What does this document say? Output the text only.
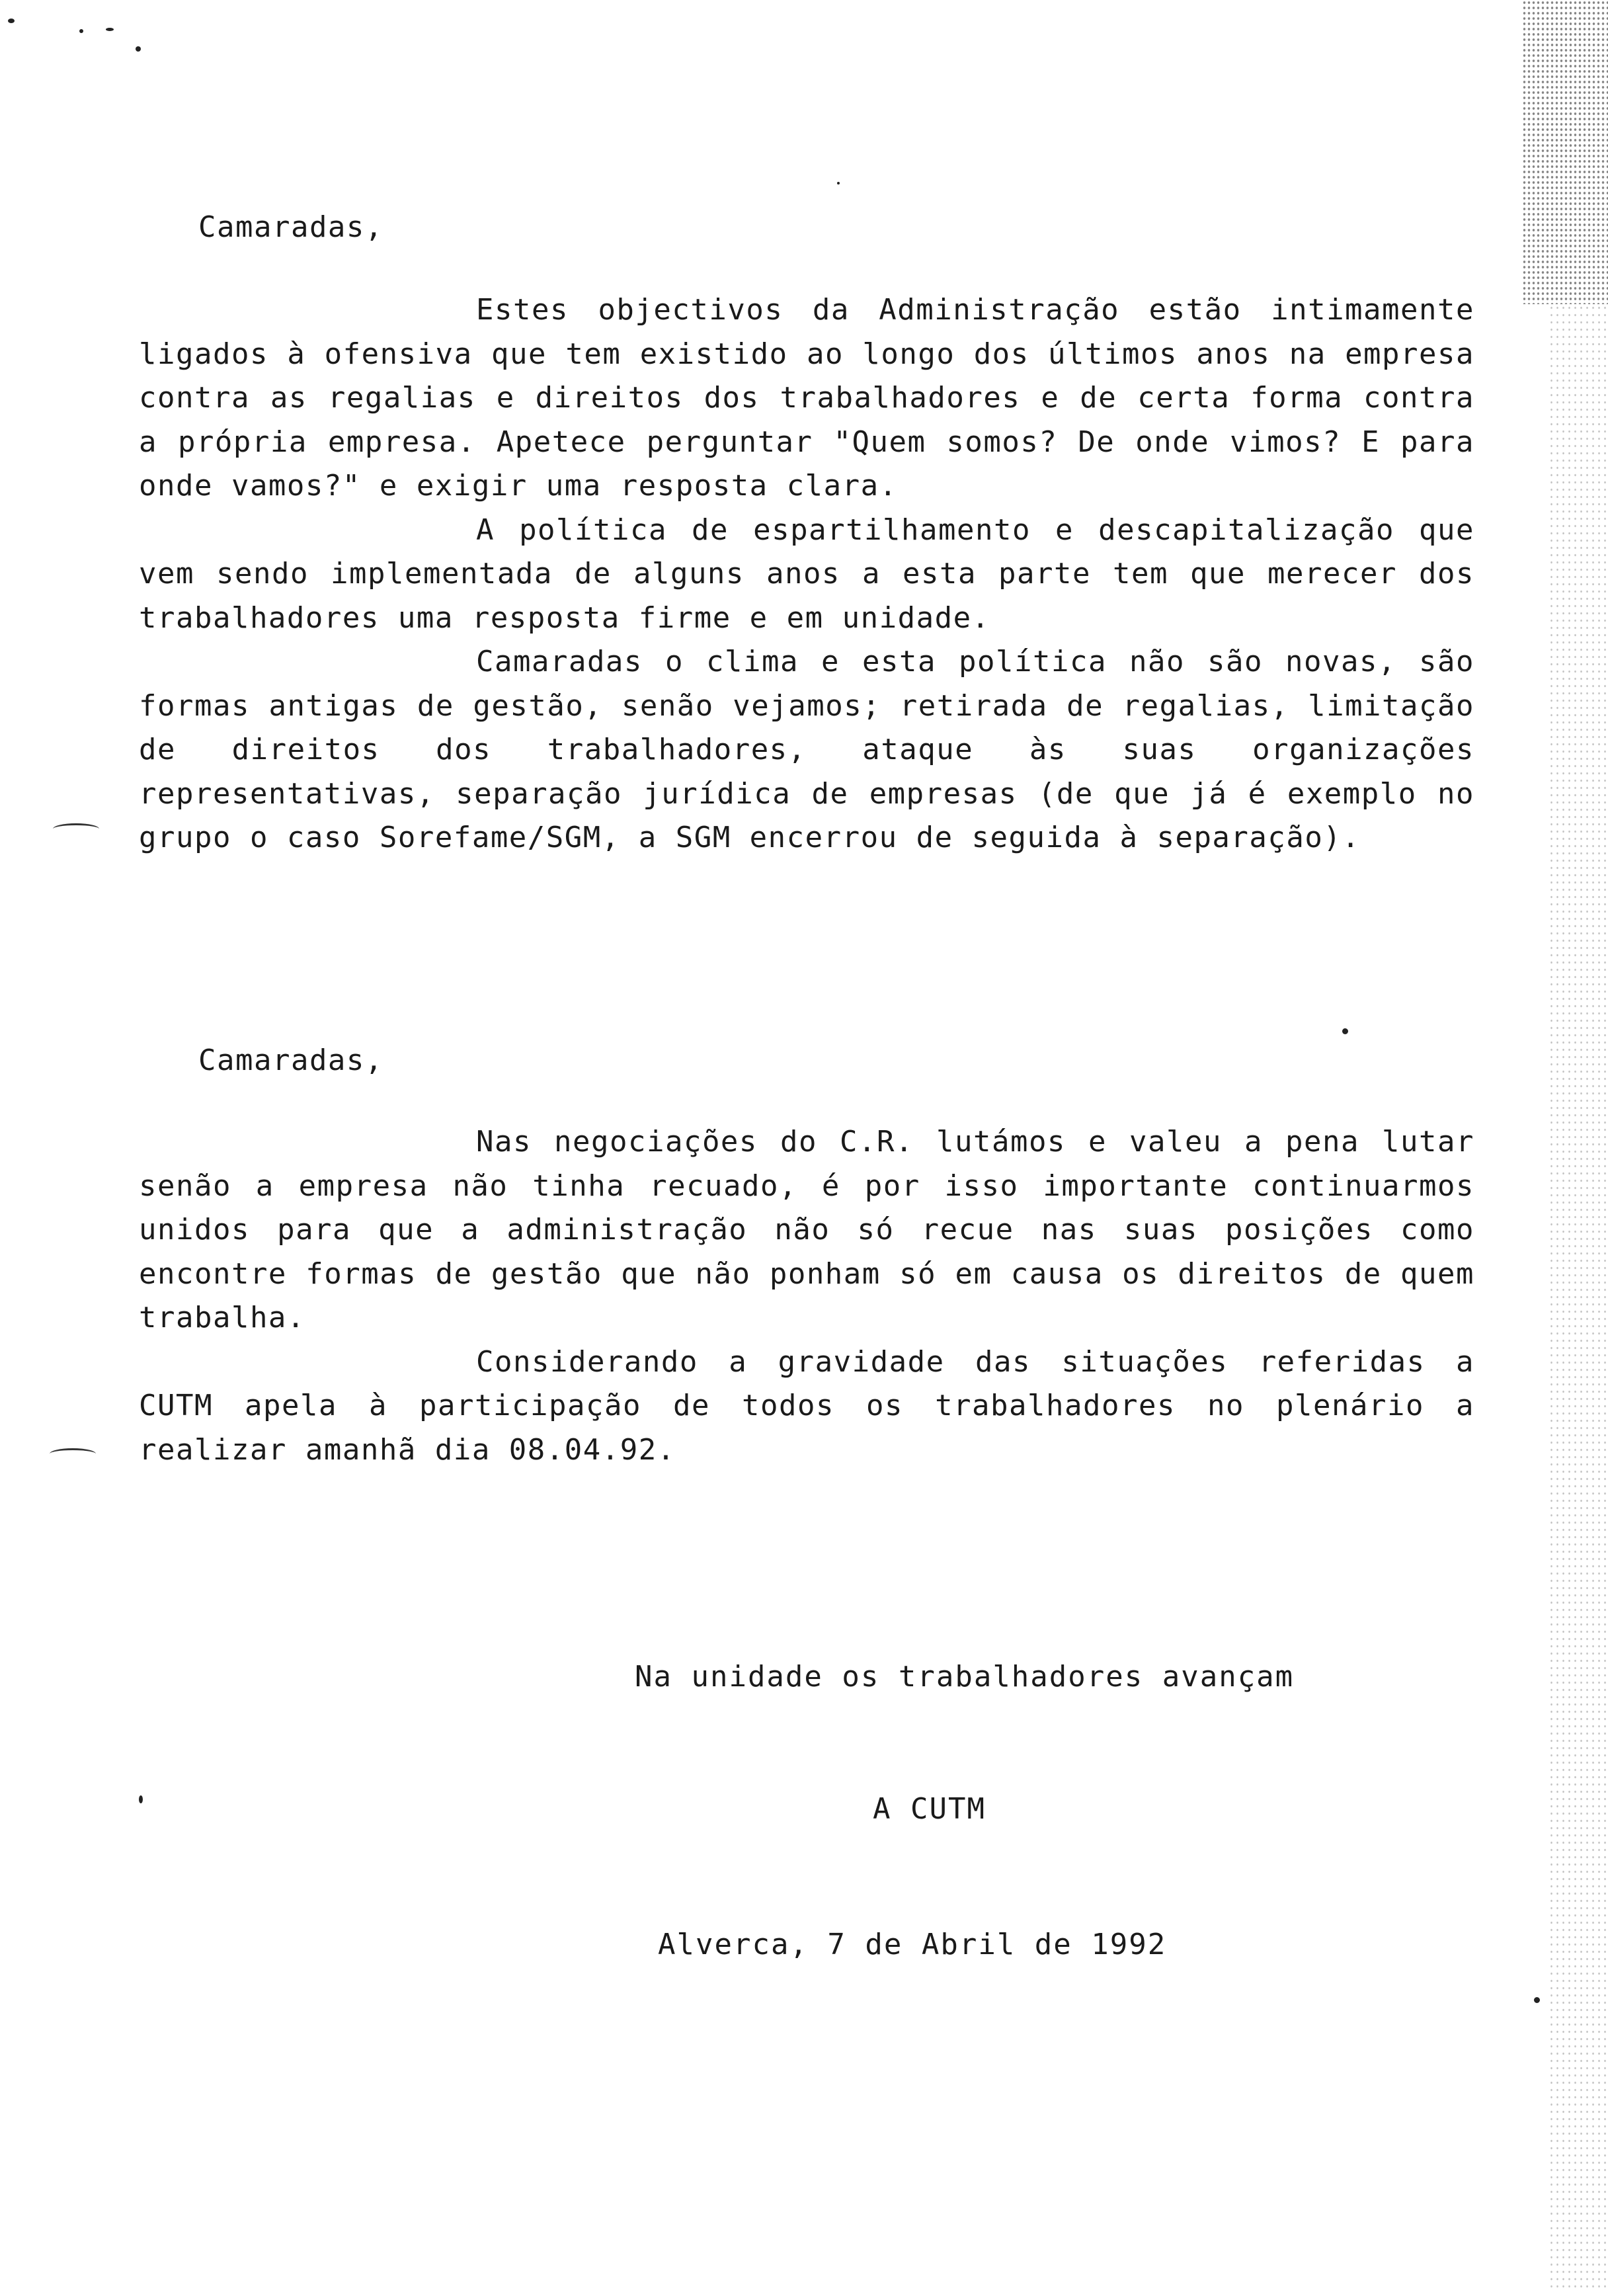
Camaradas,

Estes objectivos da Administração estão intimamente ligados à ofensiva que tem existido ao longo dos últimos anos na empresa contra as regalias e direitos dos trabalhadores e de certa forma contra a própria empresa. Apetece perguntar "Quem somos? De onde vimos? E para onde vamos?" e exigir uma resposta clara.

A política de espartilhamento e descapitalização que vem sendo implementada de alguns anos a esta parte tem que merecer dos trabalhadores uma resposta firme e em unidade.

Camaradas o clima e esta política não são novas, são formas antigas de gestão, senão vejamos; retirada de regalias, limitação de direitos dos trabalhadores, ataque às suas organizações representativas, separação jurídica de empresas (de que já é exemplo no grupo o caso Sorefame/SGM, a SGM encerrou de seguida à separação).

Camaradas,

Nas negociações do C.R. lutámos e valeu a pena lutar senão a empresa não tinha recuado, é por isso importante continuarmos unidos para que a administração não só recue nas suas posições como encontre formas de gestão que não ponham só em causa os direitos de quem trabalha.

Considerando a gravidade das situações referidas a CUTM apela à participação de todos os trabalhadores no plenário a realizar amanhã dia 08.04.92.

Na unidade os trabalhadores avançam
A CUTM
Alverca, 7 de Abril de 1992
